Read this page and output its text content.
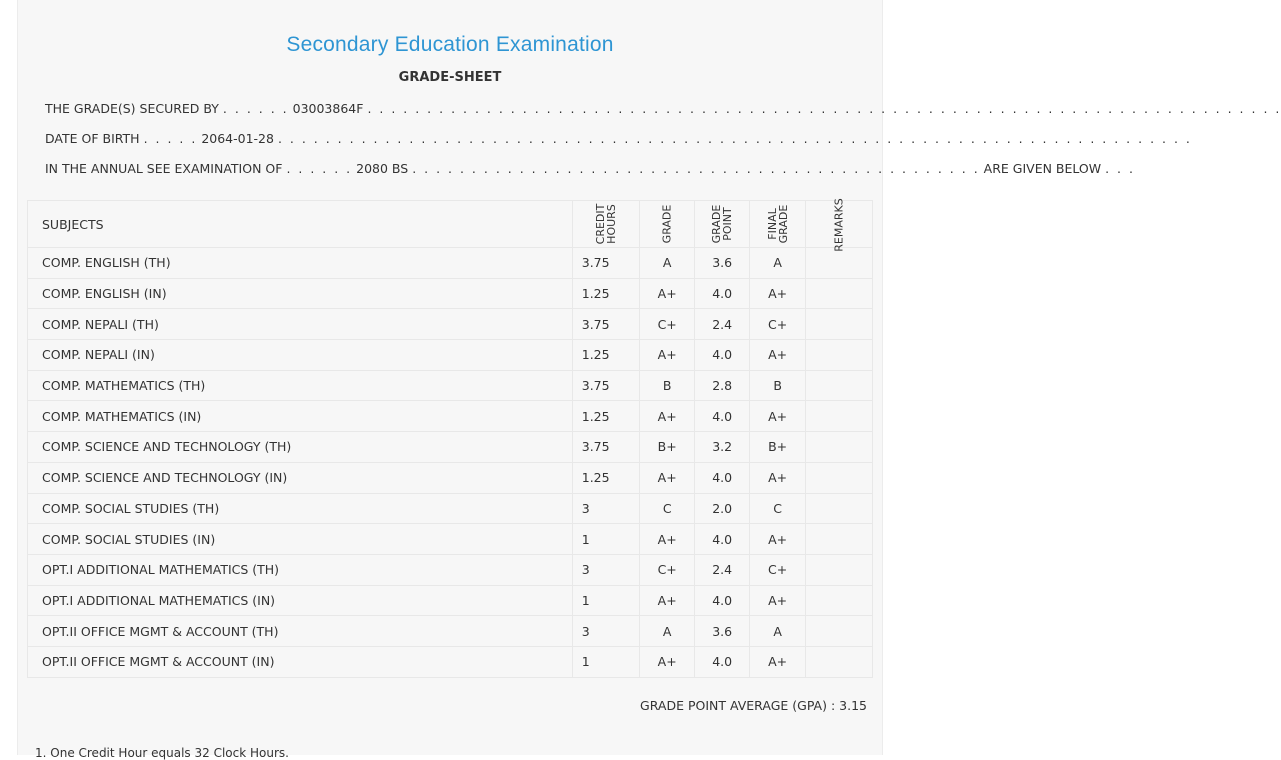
Secondary Education Examination
GRADE-SHEET
THE GRADE(S) SECURED BY . . . . . . 03003864F . . . . . . . . . . . . . . . . . . . . . . . . . . . . . . . . . . . . . . . . . . . . . . . . . . . . . . . . . . . . . . . . . . . . . . . . . . . . .
DATE OF BIRTH . . . . . 2064-01-28 . . . . . . . . . . . . . . . . . . . . . . . . . . . . . . . . . . . . . . . . . . . . . . . . . . . . . . . . . . . . . . . . . . . . . . . . . . . . .
IN THE ANNUAL SEE EXAMINATION OF . . . . . . 2080 BS . . . . . . . . . . . . . . . . . . . . . . . . . . . . . . . . . . . . . . . . . . . . . . . . ARE GIVEN BELOW . . .
SUBJECTS	CREDIT HOURS	GRADE	GRADE POINT	FINAL GRADE	REMARKS

COMP. ENGLISH (TH)	3.75	A	3.6	A	
COMP. ENGLISH (IN)	1.25	A+	4.0	A+	
COMP. NEPALI (TH)	3.75	C+	2.4	C+	
COMP. NEPALI (IN)	1.25	A+	4.0	A+	
COMP. MATHEMATICS (TH)	3.75	B	2.8	B	
COMP. MATHEMATICS (IN)	1.25	A+	4.0	A+	
COMP. SCIENCE AND TECHNOLOGY (TH)	3.75	B+	3.2	B+	
COMP. SCIENCE AND TECHNOLOGY (IN)	1.25	A+	4.0	A+	
COMP. SOCIAL STUDIES (TH)	3	C	2.0	C	
COMP. SOCIAL STUDIES (IN)	1	A+	4.0	A+	
OPT.I ADDITIONAL MATHEMATICS (TH)	3	C+	2.4	C+	
OPT.I ADDITIONAL MATHEMATICS (IN)	1	A+	4.0	A+	
OPT.II OFFICE MGMT & ACCOUNT (TH)	3	A	3.6	A	
OPT.II OFFICE MGMT & ACCOUNT (IN)	1	A+	4.0	A+	
GRADE POINT AVERAGE (GPA) : 3.15
1. One Credit Hour equals 32 Clock Hours.
